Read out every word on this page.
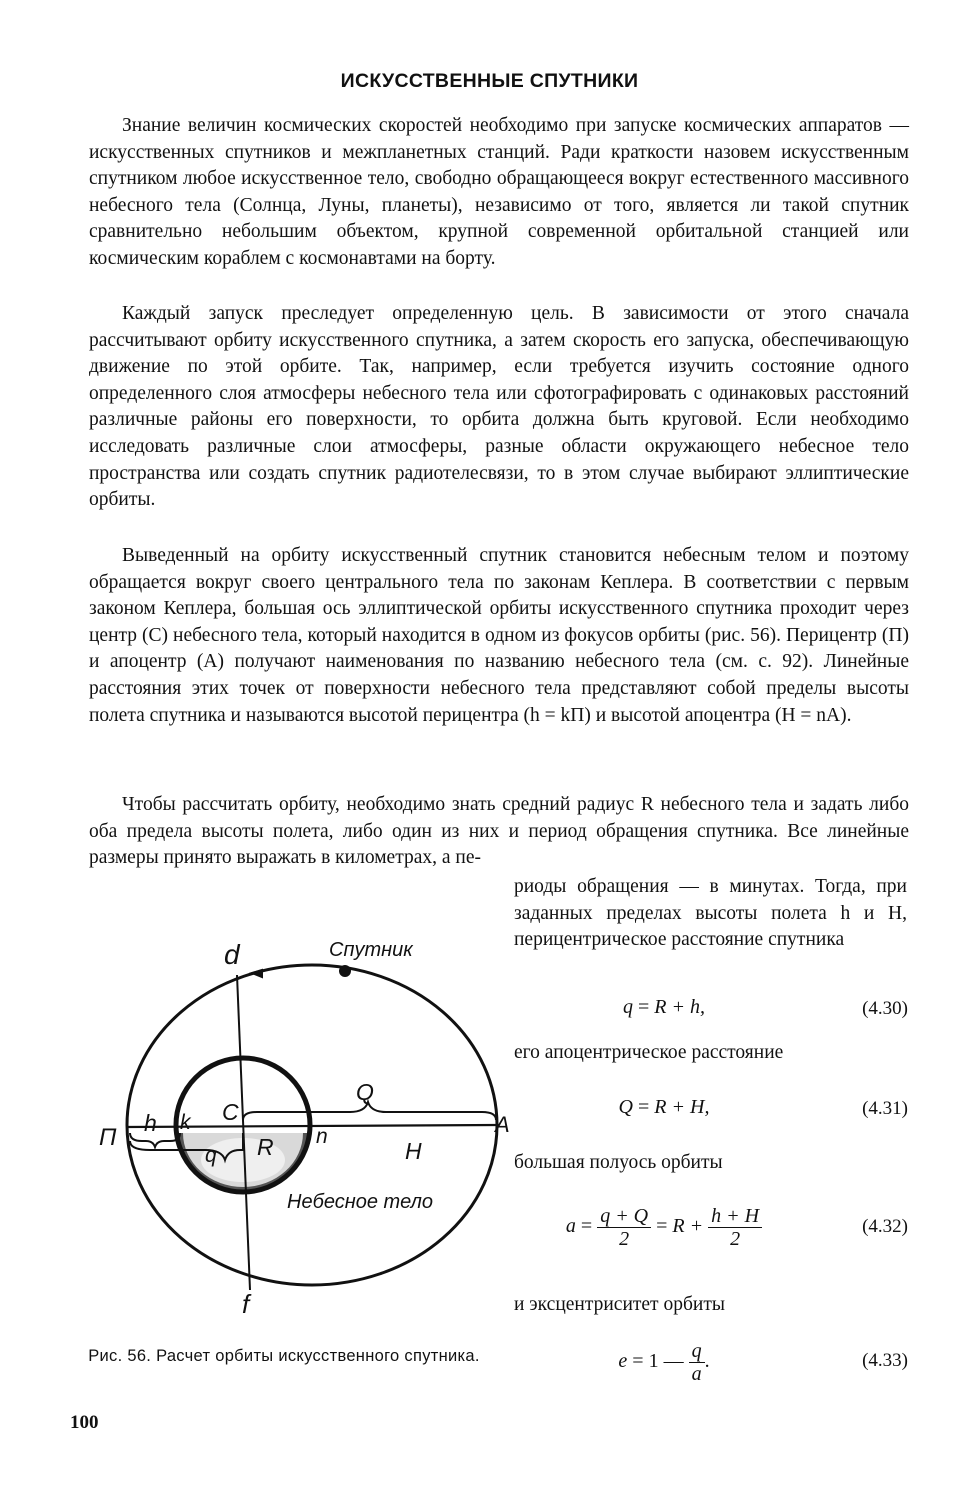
ИСКУССТВЕННЫЕ СПУТНИКИ

Знание величин космических скоростей необходимо при запуске космических аппаратов — искусственных спутников и межпланетных станций. Ради краткости назовем искусственным спутником любое искусственное тело, свободно обращающееся вокруг естественного массивного небесного тела (Солнца, Луны, планеты), независимо от того, является ли такой спутник сравнительно небольшим объектом, крупной современной орбитальной станцией или космическим кораблем с космонавтами на борту.

Каждый запуск преследует определенную цель. В зависимости от этого сначала рассчитывают орбиту искусственного спутника, а затем скорость его запуска, обеспечивающую движение по этой орбите. Так, например, если требуется изучить состояние одного определенного слоя атмосферы небесного тела или сфотографировать с одинаковых расстояний различные районы его поверхности, то орбита должна быть круговой. Если необходимо исследовать различные слои атмосферы, разные области окружающего небесное тело пространства или создать спутник радиотелесвязи, то в этом случае выбирают эллиптические орбиты.

Выведенный на орбиту искусственный спутник становится небесным телом и поэтому обращается вокруг своего центрального тела по законам Кеплера. В соответствии с первым законом Кеплера, большая ось эллиптической орбиты искусственного спутника проходит через центр (C) небесного тела, который находится в одном из фокусов орбиты (рис. 56). Перицентр (П) и апоцентр (A) получают наименования по названию небесного тела (см. с. 92). Линейные расстояния этих точек от поверхности небесного тела представляют собой пределы высоты полета спутника и называются высотой перицентра (h = kП) и высотой апоцентра (H = nA).

Чтобы рассчитать орбиту, необходимо знать средний радиус R небесного тела и задать либо оба предела высоты полета, либо один из них и период обращения спутника. Все линейные размеры принято выражать в километрах, а пе-

риоды обращения — в минутах. Тогда, при заданных пределах высоты полета h и H, перицентрическое расстояние спутника

q = R + h,	(4.30)
его апоцентрическое расстояние
Q = R + H,	(4.31)
большая полуось орбиты
$a = \frac{q + Q}{2} = R + \frac{h + H}{2}$	(4.32)
и эксцентриситет орбиты
e = 1 — $\frac{q}{a}$ .	(4.33)
d	Спутник
П	A
h k C
Q
q R n
H
Небесное тело
f
Рис. 56. Расчет орбиты искусственного спутника.
100
